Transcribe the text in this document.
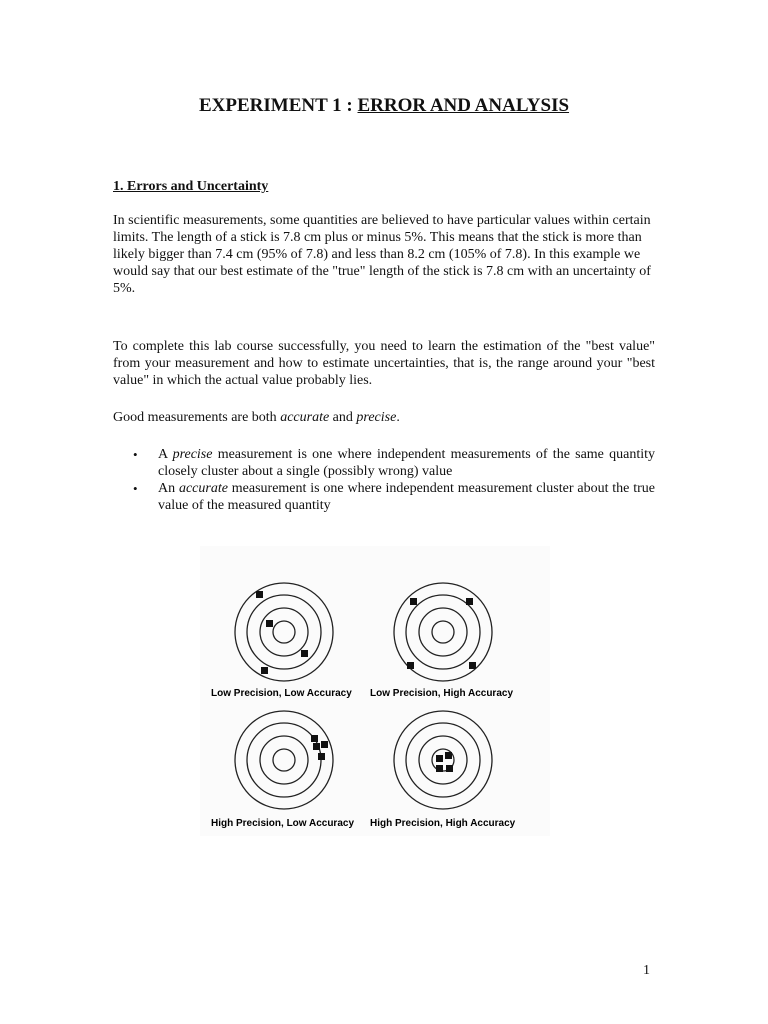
EXPERIMENT 1 : ERROR AND ANALYSIS
1. Errors and Uncertainty
In scientific measurements, some quantities are believed to have particular values within certain limits. The length of a stick is 7.8 cm plus or minus 5%. This means that the stick is more than likely bigger than 7.4 cm (95% of 7.8) and less than 8.2 cm (105% of 7.8). In this example we would say that our best estimate of the "true" length of the stick is 7.8 cm with an uncertainty of 5%.
To complete this lab course successfully, you need to learn the estimation of the "best value" from your measurement and how to estimate uncertainties, that is, the range around your "best value" in which the actual value probably lies.
Good measurements are both accurate and precise.
• A precise measurement is one where independent measurements of the same quantity closely cluster about a single (possibly wrong) value
• An accurate measurement is one where independent measurement cluster about the true value of the measured quantity
Low Precision, Low Accuracy Low Precision, High Accuracy
High Precision, Low Accuracy High Precision, High Accuracy
1
